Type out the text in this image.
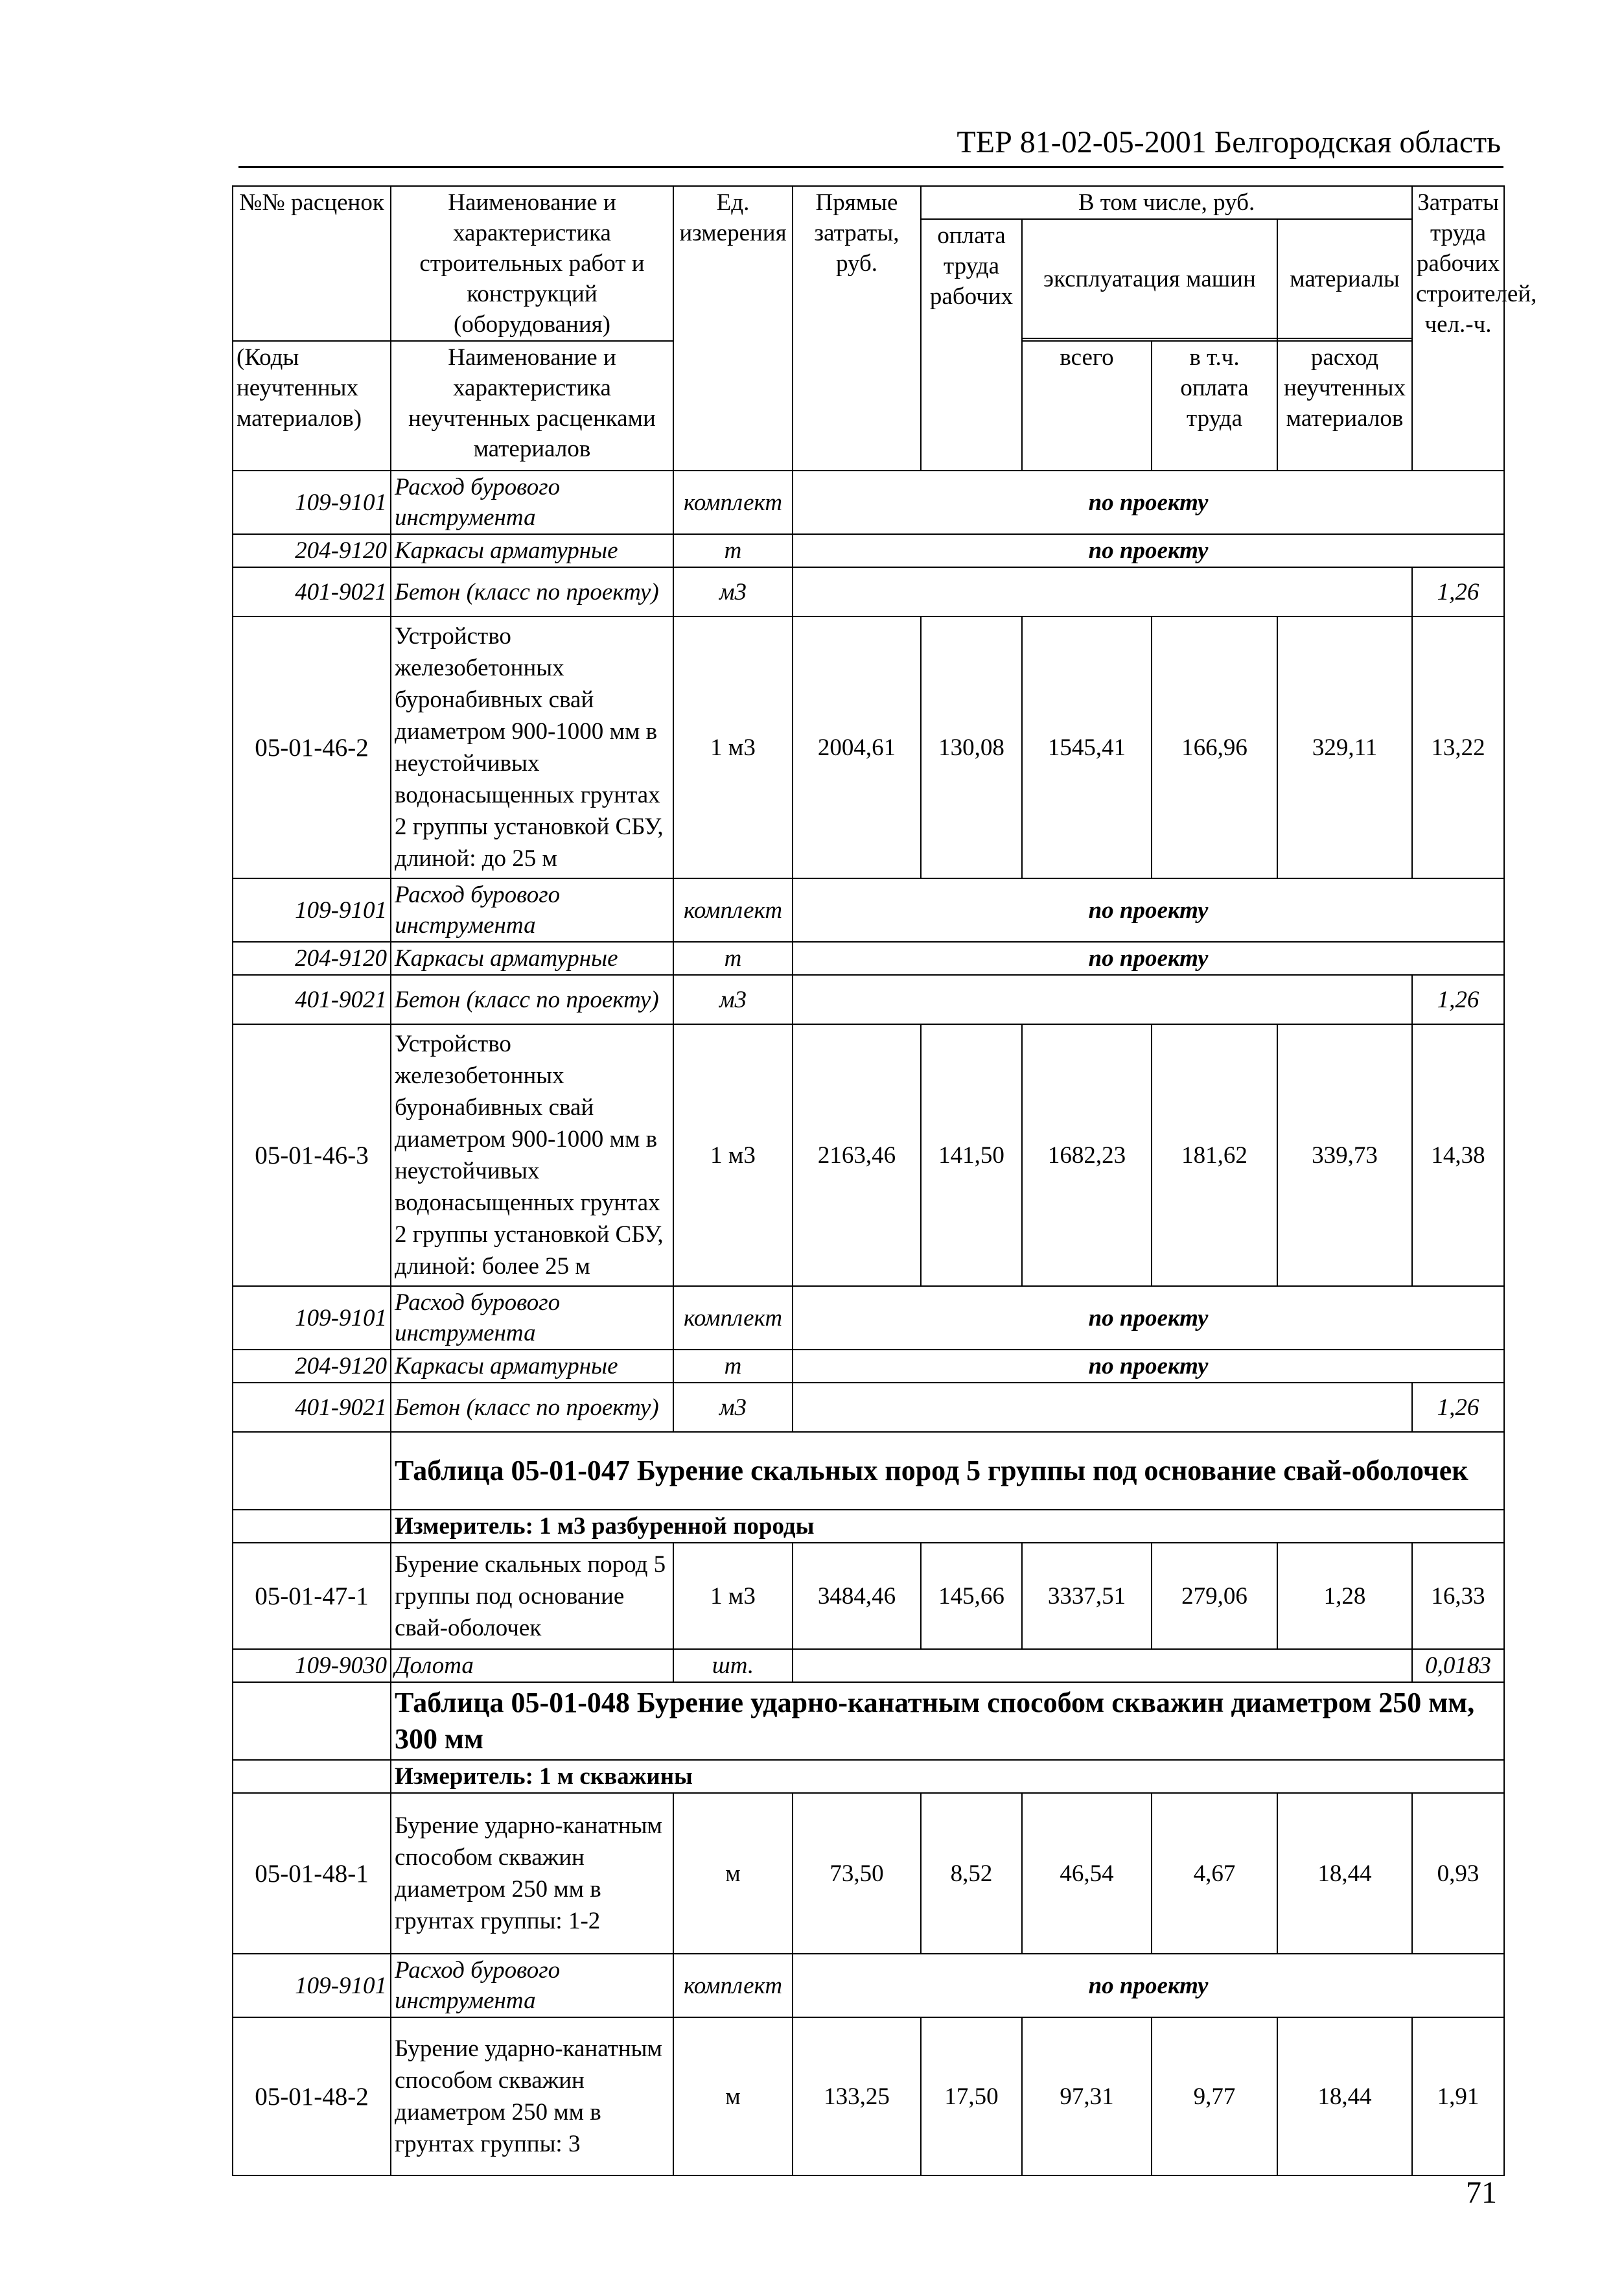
ТЕР 81-02-05-2001 Белгородская область
№№ расценок	Наименование и характеристика строительных работ и конструкций (оборудования)	Ед. измерения	Прямые затраты, руб.	В том числе, руб.				Затраты труда рабочих строителей, чел.-ч.	
				оплата труда рабочих	эксплуатация машин		материалы		

(Коды неучтенных материалов)	Наименование и характеристика неучтенных расценками материалов				всего	в т.ч. оплата труда	расход неучтенных материалов		

109-9101	Расход бурового инструмента	комплект	по проекту						
204-9120	Каркасы арматурные	т	по проекту						
401-9021	Бетон (класс по проекту)	м3						1,26	
05-01-46-2	Устройство железобетонных буронабивных свай диаметром 900-1000 мм в неустойчивых водонасыщенных грунтах 2 группы установкой СБУ, длиной: до 25 м	1 м3	2004,61	130,08	1545,41	166,96	329,11	13,22	
109-9101	Расход бурового инструмента	комплект	по проекту						
204-9120	Каркасы арматурные	т	по проекту						
401-9021	Бетон (класс по проекту)	м3						1,26	
05-01-46-3	Устройство железобетонных буронабивных свай диаметром 900-1000 мм в неустойчивых водонасыщенных грунтах 2 группы установкой СБУ, длиной: более 25 м	1 м3	2163,46	141,50	1682,23	181,62	339,73	14,38	
109-9101	Расход бурового инструмента	комплект	по проекту						
204-9120	Каркасы арматурные	т	по проекту						
401-9021	Бетон (класс по проекту)	м3						1,26	
	Таблица 05-01-047 Бурение скальных пород 5 группы под основание свай-оболочек								
	Измеритель: 1 м3 разбуренной породы								
05-01-47-1	Бурение скальных пород 5 группы под основание свай-оболочек	1 м3	3484,46	145,66	3337,51	279,06	1,28	16,33	
109-9030	Долота	шт.						0,0183	
	Таблица 05-01-048 Бурение ударно-канатным способом скважин диаметром 250 мм, 300 мм								
	Измеритель: 1 м скважины								
05-01-48-1	Бурение ударно-канатным способом скважин диаметром 250 мм в грунтах группы: 1-2	м	73,50	8,52	46,54	4,67	18,44	0,93	
109-9101	Расход бурового инструмента	комплект	по проекту						
05-01-48-2	Бурение ударно-канатным способом скважин диаметром 250 мм в грунтах группы: 3	м	133,25	17,50	97,31	9,77	18,44	1,91	
71
